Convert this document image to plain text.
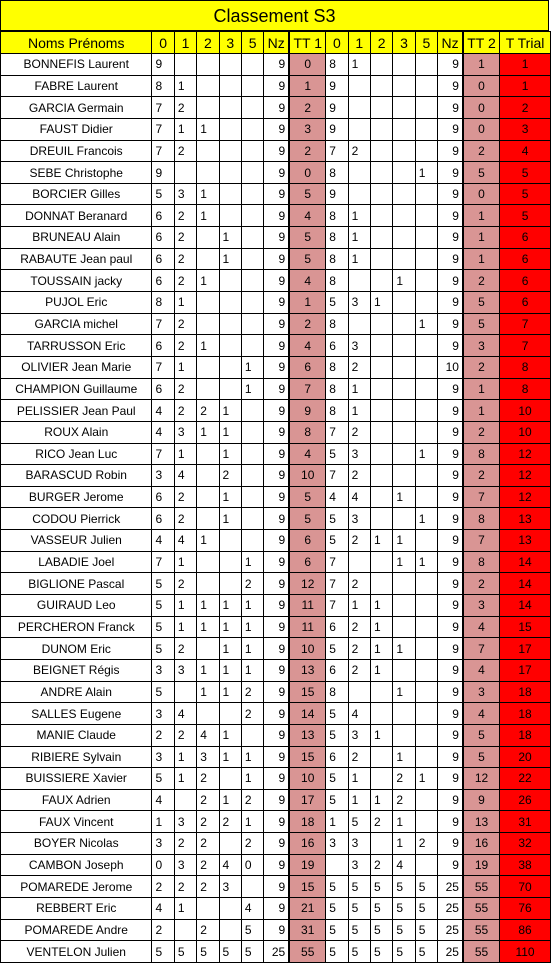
Classement S3
Noms Prénoms	0	1	2	3	5	Nz	TT 1	0	1	2	3	5	Nz	TT 2	T Trial
BONNEFIS Laurent	9					9	0	8	1				9	1	1
FABRE Laurent	8	1				9	1	9					9	0	1
GARCIA Germain	7	2				9	2	9					9	0	2
FAUST Didier	7	1	1			9	3	9					9	0	3
DREUIL Francois	7	2				9	2	7	2				9	2	4
SEBE Christophe	9					9	0	8				1	9	5	5
BORCIER Gilles	5	3	1			9	5	9					9	0	5
DONNAT Beranard	6	2	1			9	4	8	1				9	1	5
BRUNEAU Alain	6	2		1		9	5	8	1				9	1	6
RABAUTE Jean paul	6	2		1		9	5	8	1				9	1	6
TOUSSAIN jacky	6	2	1			9	4	8			1		9	2	6
PUJOL Eric	8	1				9	1	5	3	1			9	5	6
GARCIA michel	7	2				9	2	8				1	9	5	7
TARRUSSON Eric	6	2	1			9	4	6	3				9	3	7
OLIVIER Jean Marie	7	1			1	9	6	8	2				10	2	8
CHAMPION Guillaume	6	2			1	9	7	8	1				9	1	8
PELISSIER Jean Paul	4	2	2	1		9	9	8	1				9	1	10
ROUX Alain	4	3	1	1		9	8	7	2				9	2	10
RICO Jean Luc	7	1		1		9	4	5	3			1	9	8	12
BARASCUD Robin	3	4		2		9	10	7	2				9	2	12
BURGER Jerome	6	2		1		9	5	4	4		1		9	7	12
CODOU Pierrick	6	2		1		9	5	5	3			1	9	8	13
VASSEUR Julien	4	4	1			9	6	5	2	1	1		9	7	13
LABADIE Joel	7	1			1	9	6	7			1	1	9	8	14
BIGLIONE Pascal	5	2			2	9	12	7	2				9	2	14
GUIRAUD Leo	5	1	1	1	1	9	11	7	1	1			9	3	14
PERCHERON Franck	5	1	1	1	1	9	11	6	2	1			9	4	15
DUNOM Eric	5	2		1	1	9	10	5	2	1	1		9	7	17
BEIGNET Régis	3	3	1	1	1	9	13	6	2	1			9	4	17
ANDRE Alain	5		1	1	2	9	15	8			1		9	3	18
SALLES Eugene	3	4			2	9	14	5	4				9	4	18
MANIE Claude	2	2	4	1		9	13	5	3	1			9	5	18
RIBIERE Sylvain	3	1	3	1	1	9	15	6	2		1		9	5	20
BUISSIERE Xavier	5	1	2		1	9	10	5	1		2	1	9	12	22
FAUX Adrien	4		2	1	2	9	17	5	1	1	2		9	9	26
FAUX Vincent	1	3	2	2	1	9	18	1	5	2	1		9	13	31
BOYER Nicolas	3	2	2		2	9	16	3	3		1	2	9	16	32
CAMBON Joseph	0	3	2	4	0	9	19		3	2	4		9	19	38
POMAREDE Jerome	2	2	2	3		9	15	5	5	5	5	5	25	55	70
REBBERT Eric	4	1			4	9	21	5	5	5	5	5	25	55	76
POMAREDE Andre	2		2		5	9	31	5	5	5	5	5	25	55	86
VENTELON Julien	5	5	5	5	5	25	55	5	5	5	5	5	25	55	110
